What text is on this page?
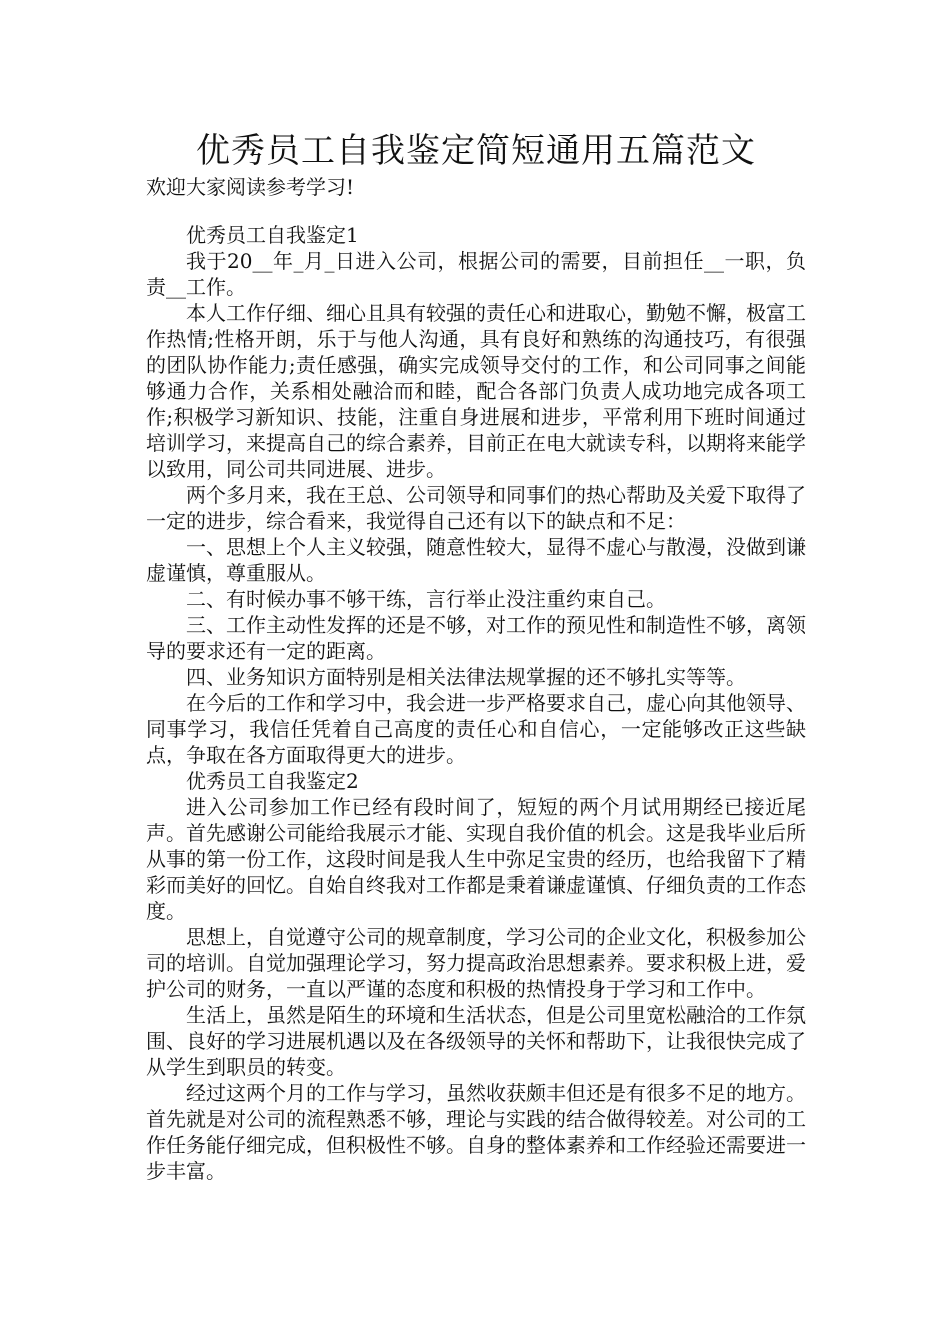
优秀员工自我鉴定简短通用五篇范文

欢迎大家阅读参考学习!

优秀员工自我鉴定1

我于20__年_月_日进入公司，根据公司的需要，目前担任__一职，负责__工作。

本人工作仔细、细心且具有较强的责任心和进取心，勤勉不懈，极富工作热情;性格开朗，乐于与他人沟通，具有良好和熟练的沟通技巧，有很强的团队协作能力;责任感强，确实完成领导交付的工作，和公司同事之间能够通力合作，关系相处融洽而和睦，配合各部门负责人成功地完成各项工作;积极学习新知识、技能，注重自身进展和进步，平常利用下班时间通过培训学习，来提高自己的综合素养，目前正在电大就读专科，以期将来能学以致用，同公司共同进展、进步。

两个多月来，我在王总、公司领导和同事们的热心帮助及关爱下取得了一定的进步，综合看来，我觉得自己还有以下的缺点和不足：

一、思想上个人主义较强，随意性较大，显得不虚心与散漫，没做到谦虚谨慎，尊重服从。

二、有时候办事不够干练，言行举止没注重约束自己。

三、工作主动性发挥的还是不够，对工作的预见性和制造性不够，离领导的要求还有一定的距离。

四、业务知识方面特别是相关法律法规掌握的还不够扎实等等。

在今后的工作和学习中，我会进一步严格要求自己，虚心向其他领导、同事学习，我信任凭着自己高度的责任心和自信心，一定能够改正这些缺点，争取在各方面取得更大的进步。

优秀员工自我鉴定2

进入公司参加工作已经有段时间了，短短的两个月试用期经已接近尾声。首先感谢公司能给我展示才能、实现自我价值的机会。这是我毕业后所从事的第一份工作，这段时间是我人生中弥足宝贵的经历，也给我留下了精彩而美好的回忆。自始自终我对工作都是秉着谦虚谨慎、仔细负责的工作态度。

思想上，自觉遵守公司的规章制度，学习公司的企业文化，积极参加公司的培训。自觉加强理论学习，努力提高政治思想素养。要求积极上进，爱护公司的财务，一直以严谨的态度和积极的热情投身于学习和工作中。

生活上，虽然是陌生的环境和生活状态，但是公司里宽松融洽的工作氛围、良好的学习进展机遇以及在各级领导的关怀和帮助下，让我很快完成了从学生到职员的转变。

经过这两个月的工作与学习，虽然收获颇丰但还是有很多不足的地方。首先就是对公司的流程熟悉不够，理论与实践的结合做得较差。对公司的工作任务能仔细完成，但积极性不够。自身的整体素养和工作经验还需要进一步丰富。
